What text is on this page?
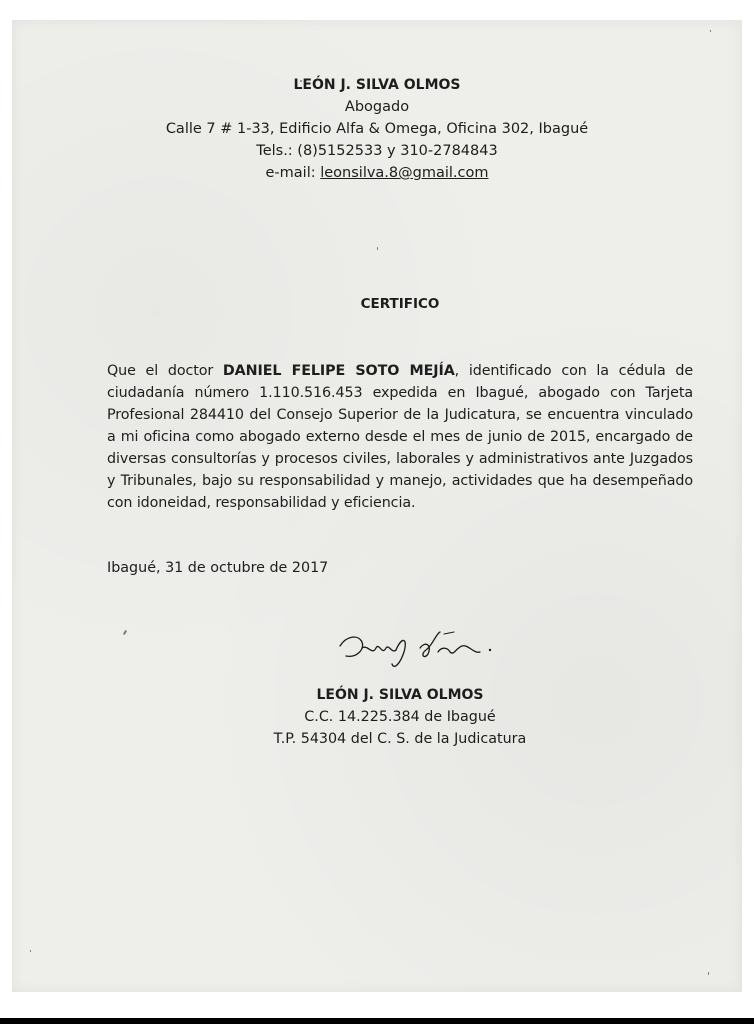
LEÓN J. SILVA OLMOS
Abogado
Calle 7 # 1-33, Edificio Alfa & Omega, Oficina 302, Ibagué
Tels.: (8)5152533 y 310-2784843
e-mail: leonsilva.8@gmail.com
CERTIFICO
Que el doctor DANIEL FELIPE SOTO MEJÍA, identificado con la cédula de ciudadanía número 1.110.516.453 expedida en Ibagué, abogado con Tarjeta Profesional 284410 del Consejo Superior de la Judicatura, se encuentra vinculado a mi oficina como abogado externo desde el mes de junio de 2015, encargado de diversas consultorías y procesos civiles, laborales y administrativos ante Juzgados y Tribunales, bajo su responsabilidad y manejo, actividades que ha desempeñado con idoneidad, responsabilidad y eficiencia.
Ibagué, 31 de octubre de 2017
LEÓN J. SILVA OLMOS
C.C. 14.225.384 de Ibagué
T.P. 54304 del C. S. de la Judicatura
